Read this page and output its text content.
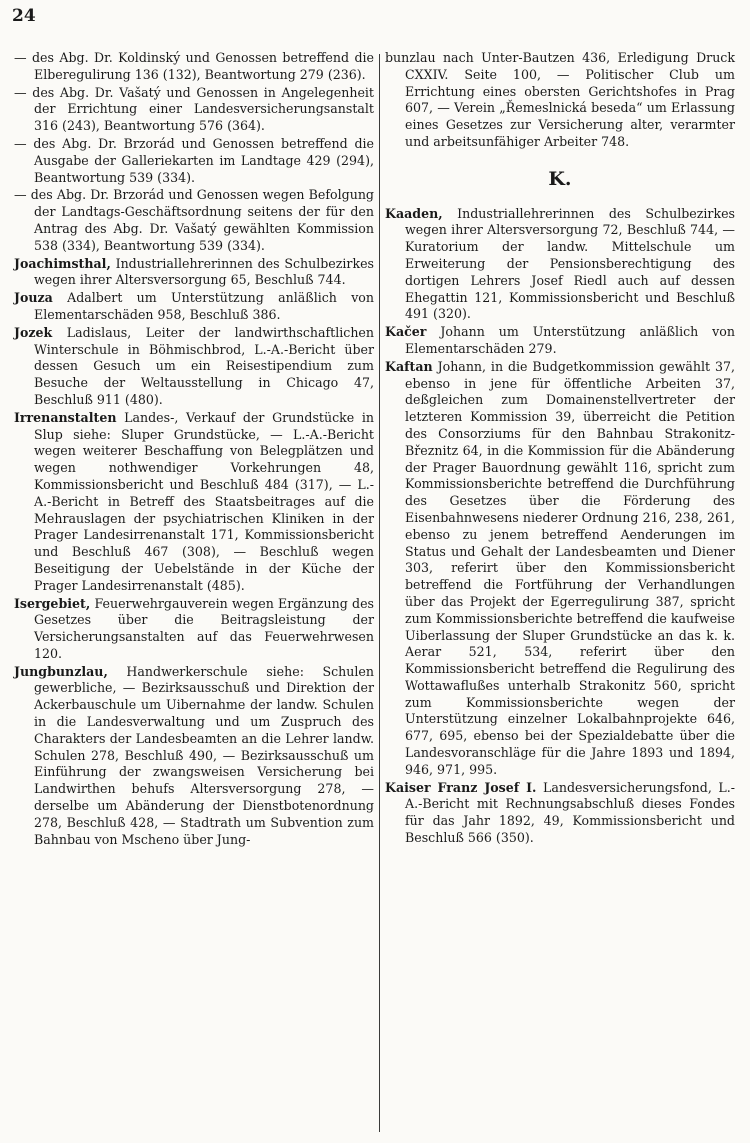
24

— des Abg. Dr. Koldinský und Genossen betreffend die Elberegulirung 136 (132), Beantwortung 279 (236).

— des Abg. Dr. Vašatý und Genossen in Angelegenheit der Errichtung einer Landesversicherungsanstalt 316 (243), Beantwortung 576 (364).

— des Abg. Dr. Brzorád und Genossen betreffend die Ausgabe der Galleriekarten im Landtage 429 (294), Beantwortung 539 (334).

— des Abg. Dr. Brzorád und Genossen wegen Befolgung der Landtags-Geschäftsordnung seitens der für den Antrag des Abg. Dr. Vašatý gewählten Kommission 538 (334), Beantwortung 539 (334).

Joachimsthal, Industriallehrerinnen des Schulbezirkes wegen ihrer Altersversorgung 65, Beschluß 744.

Jouza Adalbert um Unterstützung anläßlich von Elementarschäden 958, Beschluß 386.

Jozek Ladislaus, Leiter der landwirthschaftlichen Winterschule in Böhmischbrod, L.-A.-Bericht über dessen Gesuch um ein Reisestipendium zum Besuche der Weltausstellung in Chicago 47, Beschluß 911 (480).

Irrenanstalten Landes-, Verkauf der Grundstücke in Slup siehe: Sluper Grundstücke, — L.-A.-Bericht wegen weiterer Beschaffung von Belegplätzen und wegen nothwendiger Vorkehrungen 48, Kommissionsbericht und Beschluß 484 (317), — L.-A.-Bericht in Betreff des Staatsbeitrages auf die Mehrauslagen der psychiatrischen Kliniken in der Prager Landesirrenanstalt 171, Kommissionsbericht und Beschluß 467 (308), — Beschluß wegen Beseitigung der Uebelstände in der Küche der Prager Landesirrenanstalt (485).

Isergebiet, Feuerwehrgauverein wegen Ergänzung des Gesetzes über die Beitragsleistung der Versicherungsanstalten auf das Feuerwehrwesen 120.

Jungbunzlau, Handwerkerschule siehe: Schulen gewerbliche, — Bezirksausschuß und Direktion der Ackerbauschule um Uibernahme der landw. Schulen in die Landesverwaltung und um Zuspruch des Charakters der Landesbeamten an die Lehrer landw. Schulen 278, Beschluß 490, — Bezirksausschuß um Einführung der zwangsweisen Versicherung bei Landwirthen behufs Altersversorgung 278, — derselbe um Abänderung der Dienstbotenordnung 278, Beschluß 428, — Stadtrath um Subvention zum Bahnbau von Mscheno über Jung-

bunzlau nach Unter-Bautzen 436, Erledigung Druck CXXIV. Seite 100, — Politischer Club um Errichtung eines obersten Gerichtshofes in Prag 607, — Verein „Řemeslnická beseda“ um Erlassung eines Gesetzes zur Versicherung alter, verarmter und arbeitsunfähiger Arbeiter 748.

K.

Kaaden, Industriallehrerinnen des Schulbezirkes wegen ihrer Altersversorgung 72, Beschluß 744, — Kuratorium der landw. Mittelschule um Erweiterung der Pensionsberechtigung des dortigen Lehrers Josef Riedl auch auf dessen Ehegattin 121, Kommissionsbericht und Beschluß 491 (320).

Kačer Johann um Unterstützung anläßlich von Elementarschäden 279.

Kaftan Johann, in die Budgetkommission gewählt 37, ebenso in jene für öffentliche Arbeiten 37, deßgleichen zum Domainenstellvertreter der letzteren Kommission 39, überreicht die Petition des Consorziums für den Bahnbau Strakonitz-Březnitz 64, in die Kommission für die Abänderung der Prager Bauordnung gewählt 116, spricht zum Kommissionsberichte betreffend die Durchführung des Gesetzes über die Förderung des Eisenbahnwesens niederer Ordnung 216, 238, 261, ebenso zu jenem betreffend Aenderungen im Status und Gehalt der Landesbeamten und Diener 303, referirt über den Kommissionsbericht betreffend die Fortführung der Verhandlungen über das Projekt der Egerregulirung 387, spricht zum Kommissionsberichte betreffend die kaufweise Uiberlassung der Sluper Grundstücke an das k. k. Aerar 521, 534, referirt über den Kommissionsbericht betreffend die Regulirung des Wottawaflußes unterhalb Strakonitz 560, spricht zum Kommissionsberichte wegen der Unterstützung einzelner Lokalbahnprojekte 646, 677, 695, ebenso bei der Spezialdebatte über die Landesvoranschläge für die Jahre 1893 und 1894, 946, 971, 995.

Kaiser Franz Josef I. Landesversicherungsfond, L.-A.-Bericht mit Rechnungsabschluß dieses Fondes für das Jahr 1892, 49, Kommissionsbericht und Beschluß 566 (350).
